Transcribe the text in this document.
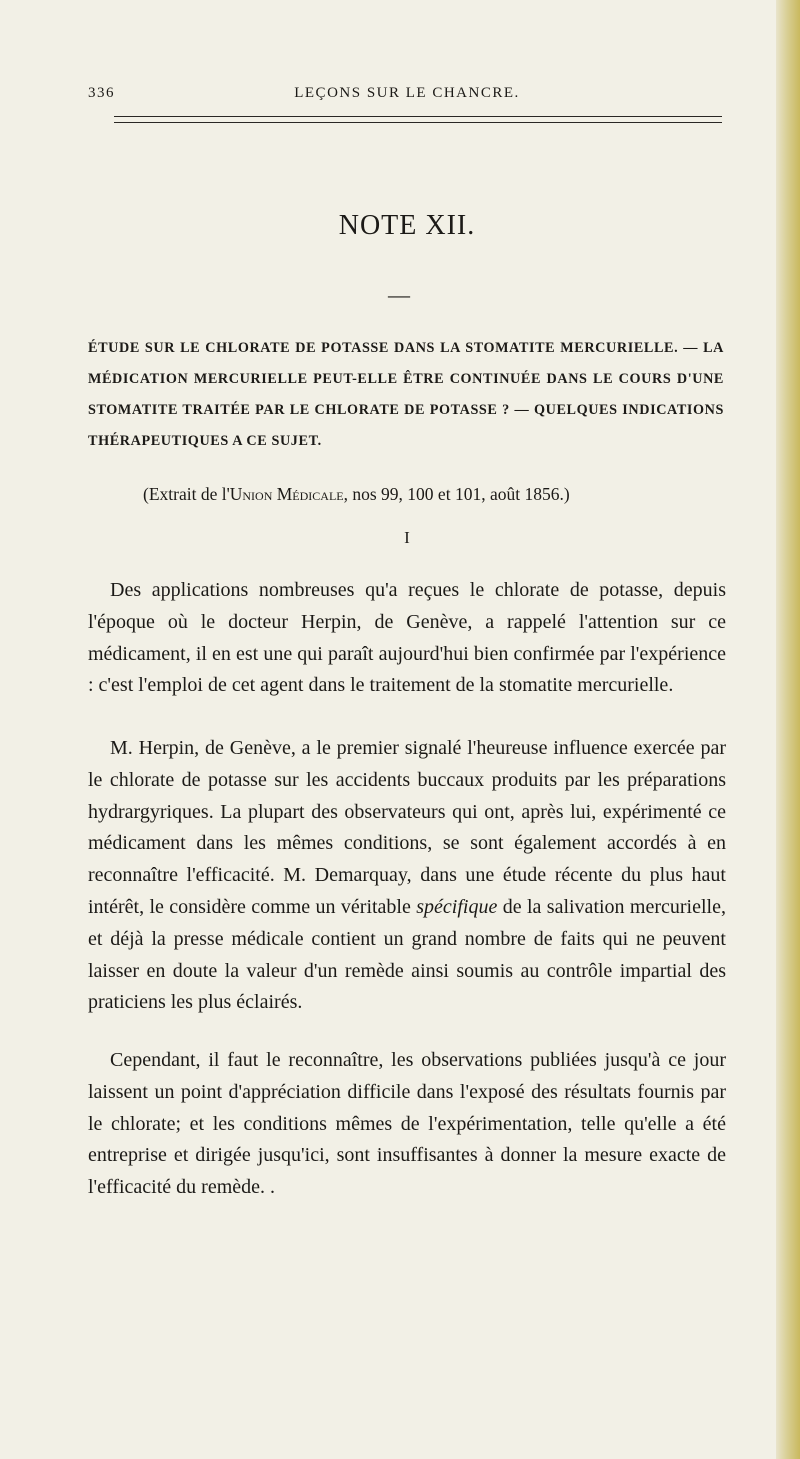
336	LEÇONS SUR LE CHANCRE.
NOTE XII.
—
ÉTUDE SUR LE CHLORATE DE POTASSE DANS LA STOMATITE MERCURIELLE. — LA MÉDICATION MERCURIELLE PEUT-ELLE ÊTRE CONTINUÉE DANS LE COURS D'UNE STOMATITE TRAITÉE PAR LE CHLORATE DE POTASSE ? — QUELQUES INDICATIONS THÉRAPEUTIQUES A CE SUJET.
(Extrait de l'Union Médicale, nos 99, 100 et 101, août 1856.)
I

Des applications nombreuses qu'a reçues le chlorate de potasse, depuis l'époque où le docteur Herpin, de Genève, a rappelé l'attention sur ce médicament, il en est une qui paraît aujourd'hui bien confirmée par l'expérience : c'est l'emploi de cet agent dans le traitement de la stomatite mercurielle.

M. Herpin, de Genève, a le premier signalé l'heureuse influence exercée par le chlorate de potasse sur les accidents buccaux produits par les préparations hydrargyriques. La plupart des observateurs qui ont, après lui, expérimenté ce médicament dans les mêmes conditions, se sont également accordés à en reconnaître l'efficacité. M. Demarquay, dans une étude récente du plus haut intérêt, le considère comme un véritable spécifique de la salivation mercurielle, et déjà la presse médicale contient un grand nombre de faits qui ne peuvent laisser en doute la valeur d'un remède ainsi soumis au contrôle impartial des praticiens les plus éclairés.

Cependant, il faut le reconnaître, les observations publiées jusqu'à ce jour laissent un point d'appréciation difficile dans l'exposé des résultats fournis par le chlorate; et les conditions mêmes de l'expérimentation, telle qu'elle a été entreprise et dirigée jusqu'ici, sont insuffisantes à donner la mesure exacte de l'efficacité du remède. .
